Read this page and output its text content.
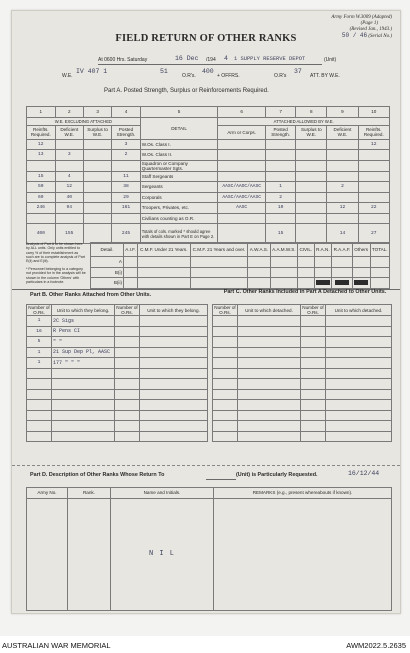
Army Form W.3009 (Adapted)
(Page 1)
(Revised Jan., 1943.)
50 / 46 (Serial No.)
FIELD RETURN OF OTHER RANKS
At 0600 Hrs. Saturday	16 Dec /194 4 1 SUPPLY RESERVE DEPOT	(Unit)
W.E.
IV 407 1	51
O.R's.
400
+ OFFRS.
37
O.R's	ATT. BY W.E.
Part A. Posted Strength, Surplus or Reinforcements Required.
1	2	3	4	5	6	7	8	9	10
W.E. EXCLUDING ATTACHED				DETAIL	ATTACHED ALLOWED BY W.E.				
Reinfts. Required.	Deficient W.E.	Surplus to W.E.	Posted Strength.		Arm or Corps.	Posted Strength.	Surplus to W.E.	Deficient W.E.	Reinfts. Required.
12			3	W.Os. Class I.					12
13	3		2	W.Os. Class II.					
				Squadron or Company Quartermaster Sgts.					
15	4		11	Staff Sergeants					
50	12		38	Sergeants	AASC/AAOC/AASC	1		2	
69	40		29	Corporals	AASC/AAOC/AASC	2			
246	94		161	Troopers, Privates, etc.	AASC	10		12	22
				Civilians counting as O.R.					
400	155		245	Totals of cols. marked * should agree with details shown in Part E on Page 2.		15		14	27
Analysis of Part A to be shown here by ALL units. Only units entitled to carry % of their establishment as such are to complete analysis of Part E(ii) and E(iii).
* Personnel belonging to a category not provided for in the analysis will be shown in the column 'Others' with particulars in a footnote.
Detail.	A.I.F.	C.M.F. Under 21 Years.	C.M.F. 21 Years and over.	A.W.A.S.	A.A.M.W.S.	CIVIL.	R.A.N.	R.A.A.F.	Others	TOTAL.
A										
B(i)										
B(ii)							

Part B. Other Ranks Attached from Other Units.	Part C. Other Ranks Included in Part A Detached to Other Units.
Number of O.Rs.	Unit to which they belong.	Number of O.Rs.	Unit to which they belong.
1	2C Sigs		
16	R Pens CI		
5	" "		
1	21 Sup Dep Pl, AASC		
1	177 " " "		

Number of O.Rs.	Unit to which detached.	Number of O.Rs.	Unit to which detached.

Part D. Description of Other Ranks Whose Return To	(Unit) is Particularly Requested.	16/12/44
Army No.	Rank.	Name and Initials.	REMARKS (e.g., present whereabouts if known).
		N I L	
AUSTRALIAN WAR MEMORIAL	AWM2022.5.2635
